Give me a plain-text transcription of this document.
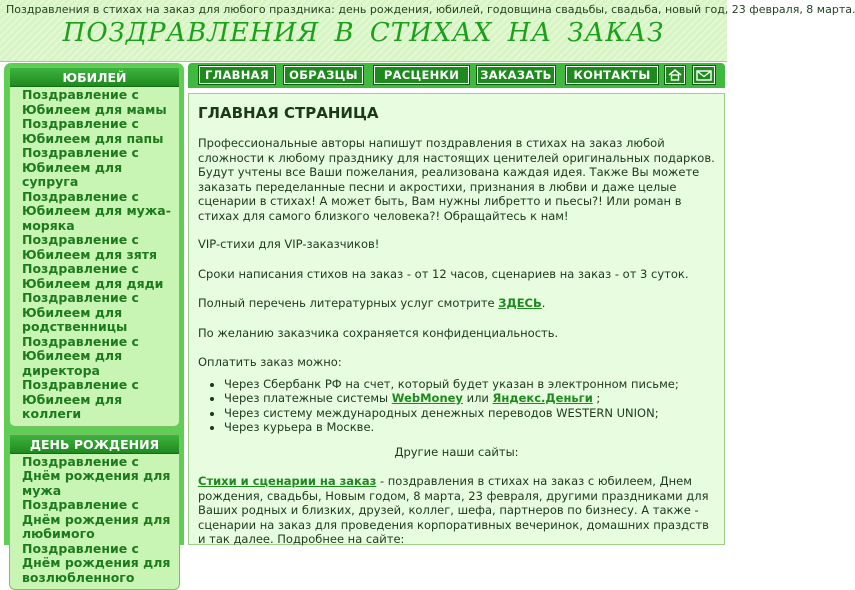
Поздравления в стихах на заказ для любого праздника: день рождения, юбилей, годовщина свадьбы, свадьба, новый год, 23 февраля, 8 марта.
ПОЗДРАВЛЕНИЯ В СТИХАХ НА ЗАКАЗ
ЮБИЛЕЙ
Поздравление с Юбилеем для мамы
Поздравление с Юбилеем для папы
Поздравление с Юбилеем для супруга
Поздравление с Юбилеем для мужа-моряка
Поздравление с Юбилеем для зятя
Поздравление с Юбилеем для дяди
Поздравление с Юбилеем для родственницы
Поздравление с Юбилеем для директора
Поздравление с Юбилеем для коллеги
ДЕНЬ РОЖДЕНИЯ
Поздравление с Днём рождения для мужа
Поздравление с Днём рождения для любимого
Поздравление с Днём рождения для возлюбленного
ГЛАВНАЯ	ОБРАЗЦЫ	РАСЦЕНКИ	ЗАКАЗАТЬ	КОНТАКТЫ
ГЛАВНАЯ СТРАНИЦА

Профессиональные авторы напишут поздравления в стихах на заказ любой сложности к любому празднику для настоящих ценителей оригинальных подарков. Будут учтены все Ваши пожелания, реализована каждая идея. Также Вы можете заказать переделанные песни и акростихи, признания в любви и даже целые сценарии в стихах! А может быть, Вам нужны либретто и пьесы?! Или роман в стихах для самого близкого человека?! Обращайтесь к нам!

VIP-стихи для VIP-заказчиков!

Сроки написания стихов на заказ - от 12 часов, сценариев на заказ - от 3 суток.

Полный перечень литературных услуг смотрите ЗДЕСЬ.

По желанию заказчика сохраняется конфиденциальность.

Оплатить заказ можно:

• Через Сбербанк РФ на счет, который будет указан в электронном письме;
• Через платежные системы WebMoney или Яндекс.Деньги ;
• Через систему международных денежных переводов WESTERN UNION;
• Через курьера в Москве.

Другие наши сайты:

Стихи и сценарии на заказ - поздравления в стихах на заказ с юбилеем, Днем рождения, свадьбы, Новым годом, 8 марта, 23 февраля, другими праздниками для Ваших родных и близких, друзей, коллег, шефа, партнеров по бизнесу. А также - сценарии на заказ для проведения корпоративных вечеринок, домашних праздств и так далее. Подробнее на сайте:
